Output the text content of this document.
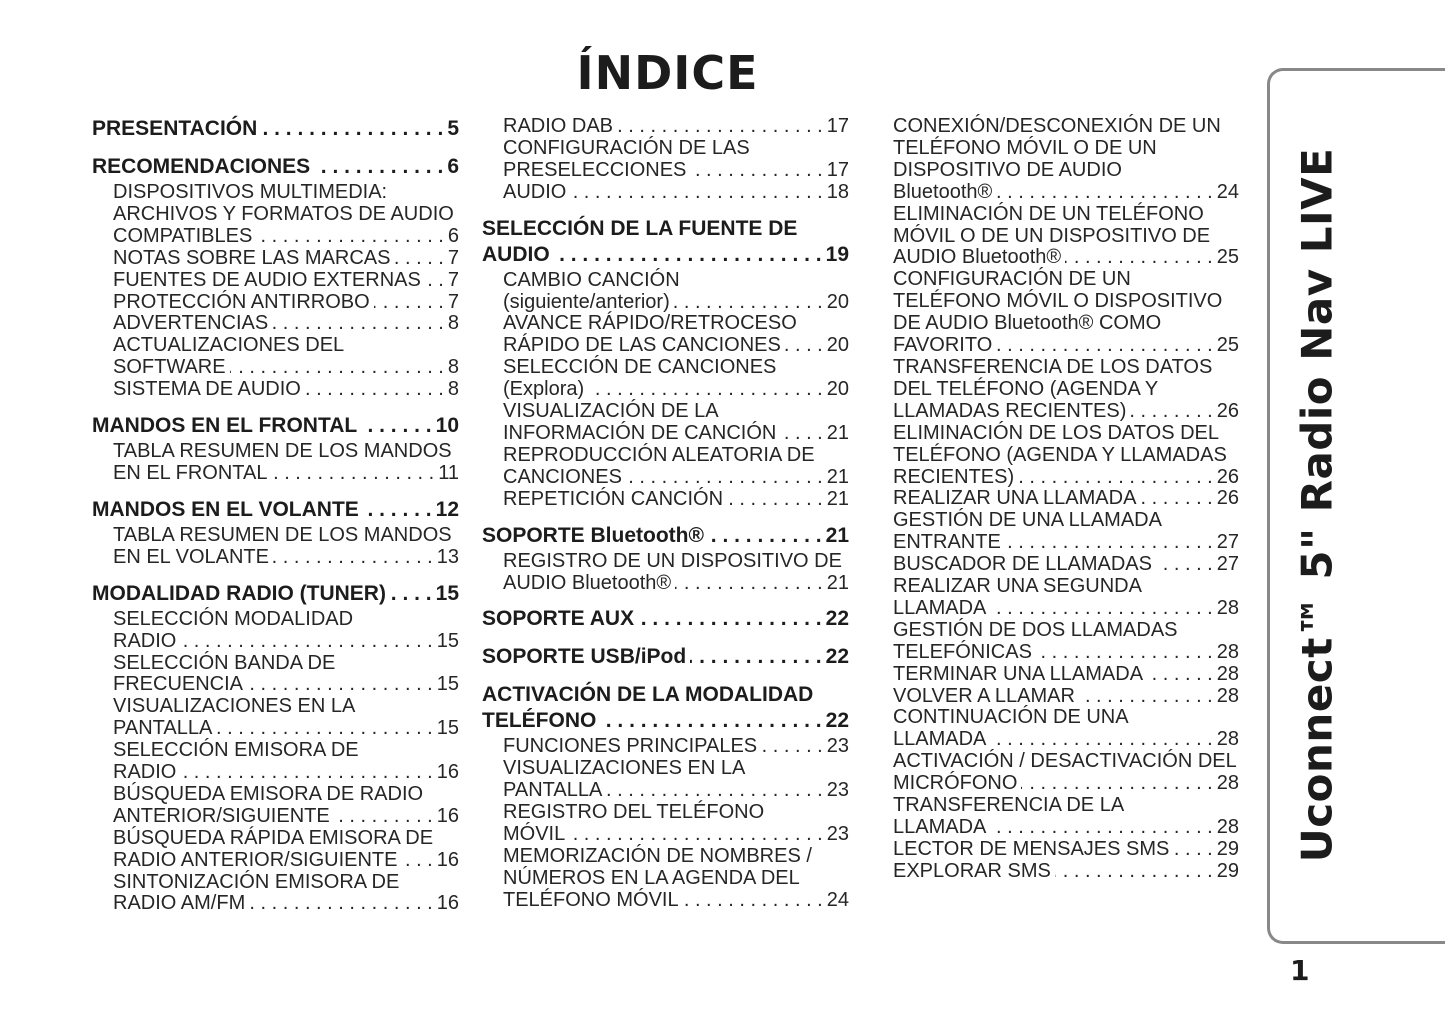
ÍNDICE
PRESENTACIÓN . . .	5
RECOMENDACIONES . . .	6
DISPOSITIVOS MULTIMEDIA:
ARCHIVOS Y FORMATOS DE AUDIO
COMPATIBLES . . .	6
NOTAS SOBRE LAS MARCAS . . .	7
FUENTES DE AUDIO EXTERNAS . . . 7
PROTECCIÓN ANTIRROBO . . .	7
ADVERTENCIAS . . .	8
ACTUALIZACIONES DEL
SOFTWARE . . .	8
SISTEMA DE AUDIO . . .	8
MANDOS EN EL FRONTAL . . .	10
TABLA RESUMEN DE LOS MANDOS
EN EL FRONTAL . . .	11
MANDOS EN EL VOLANTE . . .	12
TABLA RESUMEN DE LOS MANDOS
EN EL VOLANTE . . .	13
MODALIDAD RADIO (TUNER) . . . 15
SELECCIÓN MODALIDAD
RADIO . . .	15
SELECCIÓN BANDA DE
FRECUENCIA . . .	15
VISUALIZACIONES EN LA
PANTALLA . . .	15
SELECCIÓN EMISORA DE
RADIO . . .	16
BÚSQUEDA EMISORA DE RADIO
ANTERIOR/SIGUIENTE . . .	16
BÚSQUEDA RÁPIDA EMISORA DE
RADIO ANTERIOR/SIGUIENTE . . . 16
SINTONIZACIÓN EMISORA DE
RADIO AM/FM . . .	16
RADIO DAB . . .	17
CONFIGURACIÓN DE LAS
PRESELECCIONES . . .	17
AUDIO . . .	18
SELECCIÓN DE LA FUENTE DE
AUDIO . . .	19
CAMBIO CANCIÓN
(siguiente/anterior) . . .	20
AVANCE RÁPIDO/RETROCESO
RÁPIDO DE LAS CANCIONES . . . 20
SELECCIÓN DE CANCIONES
(Explora) . . .	20
VISUALIZACIÓN DE LA
INFORMACIÓN DE CANCIÓN . . .	21
REPRODUCCIÓN ALEATORIA DE
CANCIONES . . .	21
REPETICIÓN CANCIÓN . . .	21
SOPORTE Bluetooth® . . .	21
REGISTRO DE UN DISPOSITIVO DE
AUDIO Bluetooth® . . .	21
SOPORTE AUX . . .	22
SOPORTE USB/iPod . . .	22
ACTIVACIÓN DE LA MODALIDAD
TELÉFONO . . .	22
FUNCIONES PRINCIPALES . . .	23
VISUALIZACIONES EN LA
PANTALLA . . .	23
REGISTRO DEL TELÉFONO
MÓVIL . . .	23
MEMORIZACIÓN DE NOMBRES /
NÚMEROS EN LA AGENDA DEL
TELÉFONO MÓVIL . . .	24
CONEXIÓN/DESCONEXIÓN DE UN
TELÉFONO MÓVIL O DE UN
DISPOSITIVO DE AUDIO
Bluetooth® . . .	24
ELIMINACIÓN DE UN TELÉFONO
MÓVIL O DE UN DISPOSITIVO DE
AUDIO Bluetooth® . . .	25
CONFIGURACIÓN DE UN
TELÉFONO MÓVIL O DISPOSITIVO
DE AUDIO Bluetooth® COMO
FAVORITO . . .	25
TRANSFERENCIA DE LOS DATOS
DEL TELÉFONO (AGENDA Y
LLAMADAS RECIENTES) . . .	26
ELIMINACIÓN DE LOS DATOS DEL
TELÉFONO (AGENDA Y LLAMADAS
RECIENTES) . . .	26
REALIZAR UNA LLAMADA . . .	26
GESTIÓN DE UNA LLAMADA
ENTRANTE . . .	27
BUSCADOR DE LLAMADAS . . .	27
REALIZAR UNA SEGUNDA
LLAMADA . . .	28
GESTIÓN DE DOS LLAMADAS
TELEFÓNICAS . . .	28
TERMINAR UNA LLAMADA . . .	28
VOLVER A LLAMAR . . .	28
CONTINUACIÓN DE UNA
LLAMADA . . .	28
ACTIVACIÓN / DESACTIVACIÓN DEL
MICRÓFONO . . .	28
TRANSFERENCIA DE LA
LLAMADA . . .	28
LECTOR DE MENSAJES SMS . . . 29
EXPLORAR SMS . . .	29
Uconnect™ 5" Radio Nav LIVE
1
